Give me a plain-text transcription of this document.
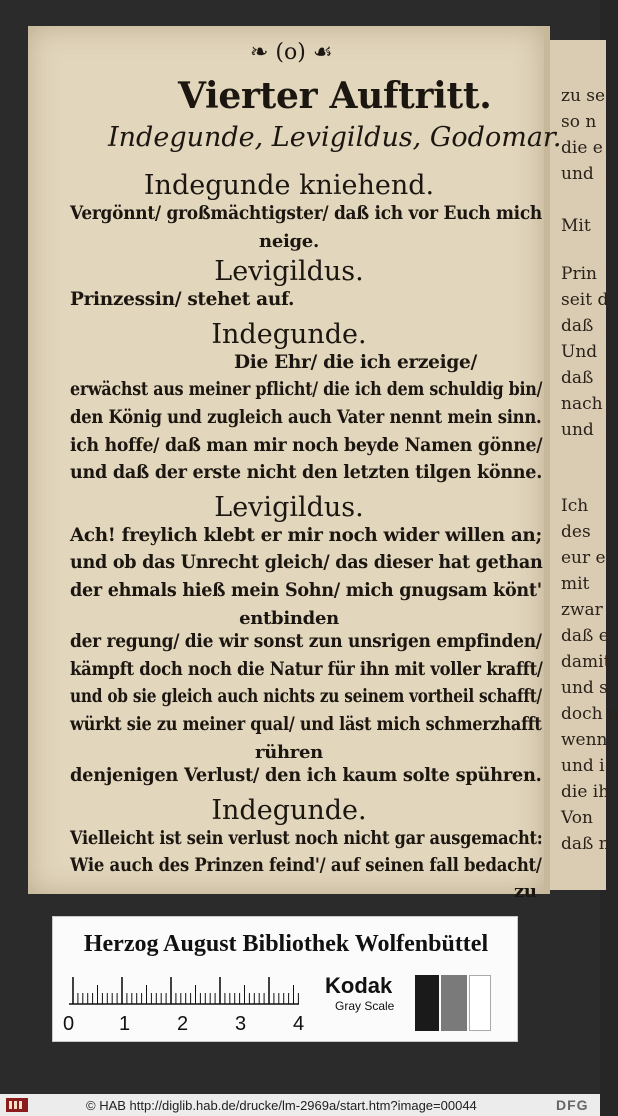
zu se
so n
die e
und
Mit
Prin
seit d
daß
Und
daß
nach
und
Ich
des
eur e
mit
zwar
daß e
damit
und s
doch e
wenn
und i
die ih
Von
daß n
❧ (o) ☙
Vierter Auftritt.
Indegunde, Levigildus, Godomar.
Indegunde kniehend.
Vergönnt/ großmächtigster/ daß ich vor Euch mich
neige.
Levigildus.
Prinzessin/ stehet auf.
Indegunde.
Die Ehr/ die ich erzeige/
erwächst aus meiner pflicht/ die ich dem schuldig bin/
den König und zugleich auch Vater nennt mein sinn.
ich hoffe/ daß man mir noch beyde Namen gönne/
und daß der erste nicht den letzten tilgen könne.
Levigildus.
Ach! freylich klebt er mir noch wider willen an;
und ob das Unrecht gleich/ das dieser hat gethan
der ehmals hieß mein Sohn/ mich gnugsam könt'
entbinden
der regung/ die wir sonst zun unsrigen empfinden/
kämpft doch noch die Natur für ihn mit voller krafft/
und ob sie gleich auch nichts zu seinem vortheil schafft/
würkt sie zu meiner qual/ und läst mich schmerzhafft
rühren
denjenigen Verlust/ den ich kaum solte spühren.
Indegunde.
Vielleicht ist sein verlust noch nicht gar ausgemacht:
Wie auch des Prinzen feind'/ auf seinen fall bedacht/
zu
Herzog August Bibliothek Wolfenbüttel
0 1 2 3 4
Kodak
Gray Scale
© HAB http://diglib.hab.de/drucke/lm-2969a/start.htm?image=00044	DFG
